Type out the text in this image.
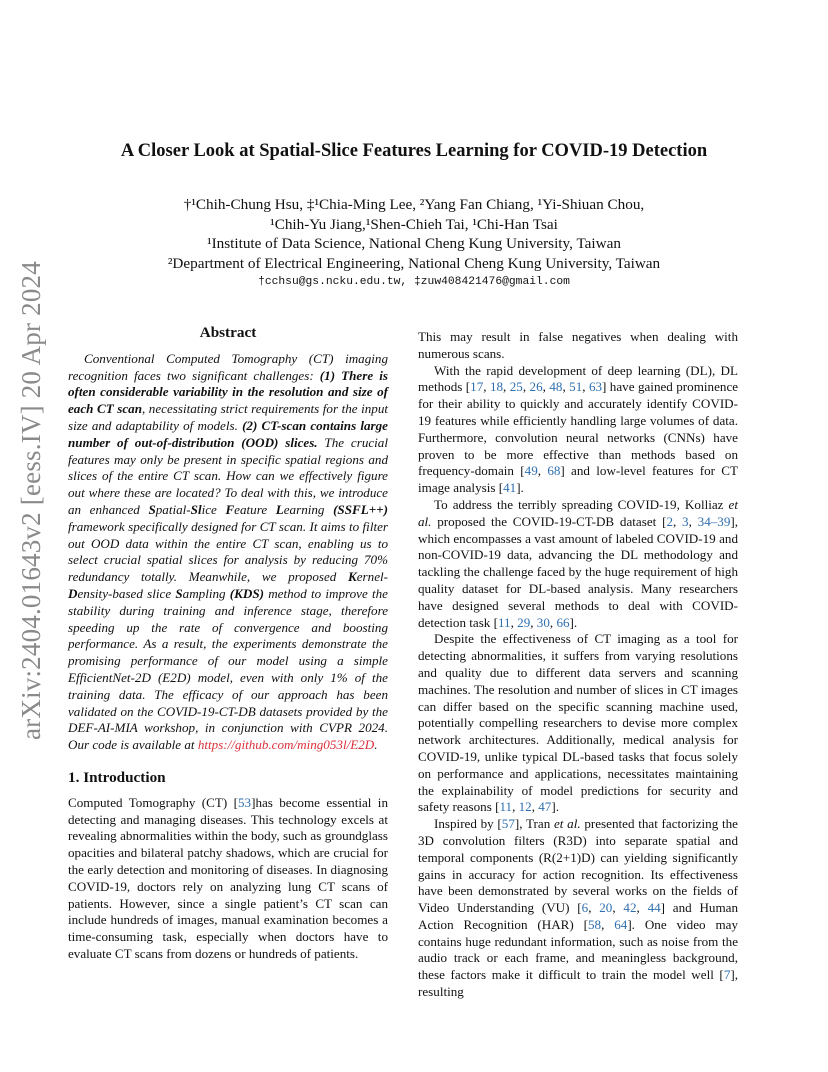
arXiv:2404.01643v2 [eess.IV] 20 Apr 2024
A Closer Look at Spatial-Slice Features Learning for COVID-19 Detection
†¹Chih-Chung Hsu, ‡¹Chia-Ming Lee, ²Yang Fan Chiang, ¹Yi-Shiuan Chou,
¹Chih-Yu Jiang,¹Shen-Chieh Tai, ¹Chi-Han Tsai
¹Institute of Data Science, National Cheng Kung University, Taiwan
²Department of Electrical Engineering, National Cheng Kung University, Taiwan
†cchsu@gs.ncku.edu.tw, ‡zuw408421476@gmail.com
Abstract

Conventional Computed Tomography (CT) imaging recognition faces two significant challenges: (1) There is often considerable variability in the resolution and size of each CT scan, necessitating strict requirements for the input size and adaptability of models. (2) CT-scan contains large number of out-of-distribution (OOD) slices. The crucial features may only be present in specific spatial regions and slices of the entire CT scan. How can we effectively figure out where these are located? To deal with this, we introduce an enhanced Spatial-Slice Feature Learning (SSFL++) framework specifically designed for CT scan. It aims to filter out OOD data within the entire CT scan, enabling us to select crucial spatial slices for analysis by reducing 70% redundancy totally. Meanwhile, we proposed Kernel-Density-based slice Sampling (KDS) method to improve the stability during training and inference stage, therefore speeding up the rate of convergence and boosting performance. As a result, the experiments demonstrate the promising performance of our model using a simple EfficientNet-2D (E2D) model, even with only 1% of the training data. The efficacy of our approach has been validated on the COVID-19-CT-DB datasets provided by the DEF-AI-MIA workshop, in conjunction with CVPR 2024. Our code is available at https://github.com/ming053l/E2D.

1. Introduction

Computed Tomography (CT) [53]has become essential in detecting and managing diseases. This technology excels at revealing abnormalities within the body, such as groundglass opacities and bilateral patchy shadows, which are crucial for the early detection and monitoring of diseases. In diagnosing COVID-19, doctors rely on analyzing lung CT scans of patients. However, since a single patient’s CT scan can include hundreds of images, manual examination becomes a time-consuming task, especially when doctors have to evaluate CT scans from dozens or hundreds of patients.

This may result in false negatives when dealing with numerous scans.

With the rapid development of deep learning (DL), DL methods [17, 18, 25, 26, 48, 51, 63] have gained prominence for their ability to quickly and accurately identify COVID-19 features while efficiently handling large volumes of data. Furthermore, convolution neural networks (CNNs) have proven to be more effective than methods based on frequency-domain [49, 68] and low-level features for CT image analysis [41].

To address the terribly spreading COVID-19, Kolliaz et al. proposed the COVID-19-CT-DB dataset [2, 3, 34–39], which encompasses a vast amount of labeled COVID-19 and non-COVID-19 data, advancing the DL methodology and tackling the challenge faced by the huge requirement of high quality dataset for DL-based analysis. Many researchers have designed several methods to deal with COVID-detection task [11, 29, 30, 66].

Despite the effectiveness of CT imaging as a tool for detecting abnormalities, it suffers from varying resolutions and quality due to different data servers and scanning machines. The resolution and number of slices in CT images can differ based on the specific scanning machine used, potentially compelling researchers to devise more complex network architectures. Additionally, medical analysis for COVID-19, unlike typical DL-based tasks that focus solely on performance and applications, necessitates maintaining the explainability of model predictions for security and safety reasons [11, 12, 47].

Inspired by [57], Tran et al. presented that factorizing the 3D convolution filters (R3D) into separate spatial and temporal components (R(2+1)D) can yielding significantly gains in accuracy for action recognition. Its effectiveness have been demonstrated by several works on the fields of Video Understanding (VU) [6, 20, 42, 44] and Human Action Recognition (HAR) [58, 64]. One video may contains huge redundant information, such as noise from the audio track or each frame, and meaningless background, these factors make it difficult to train the model well [7], resulting
